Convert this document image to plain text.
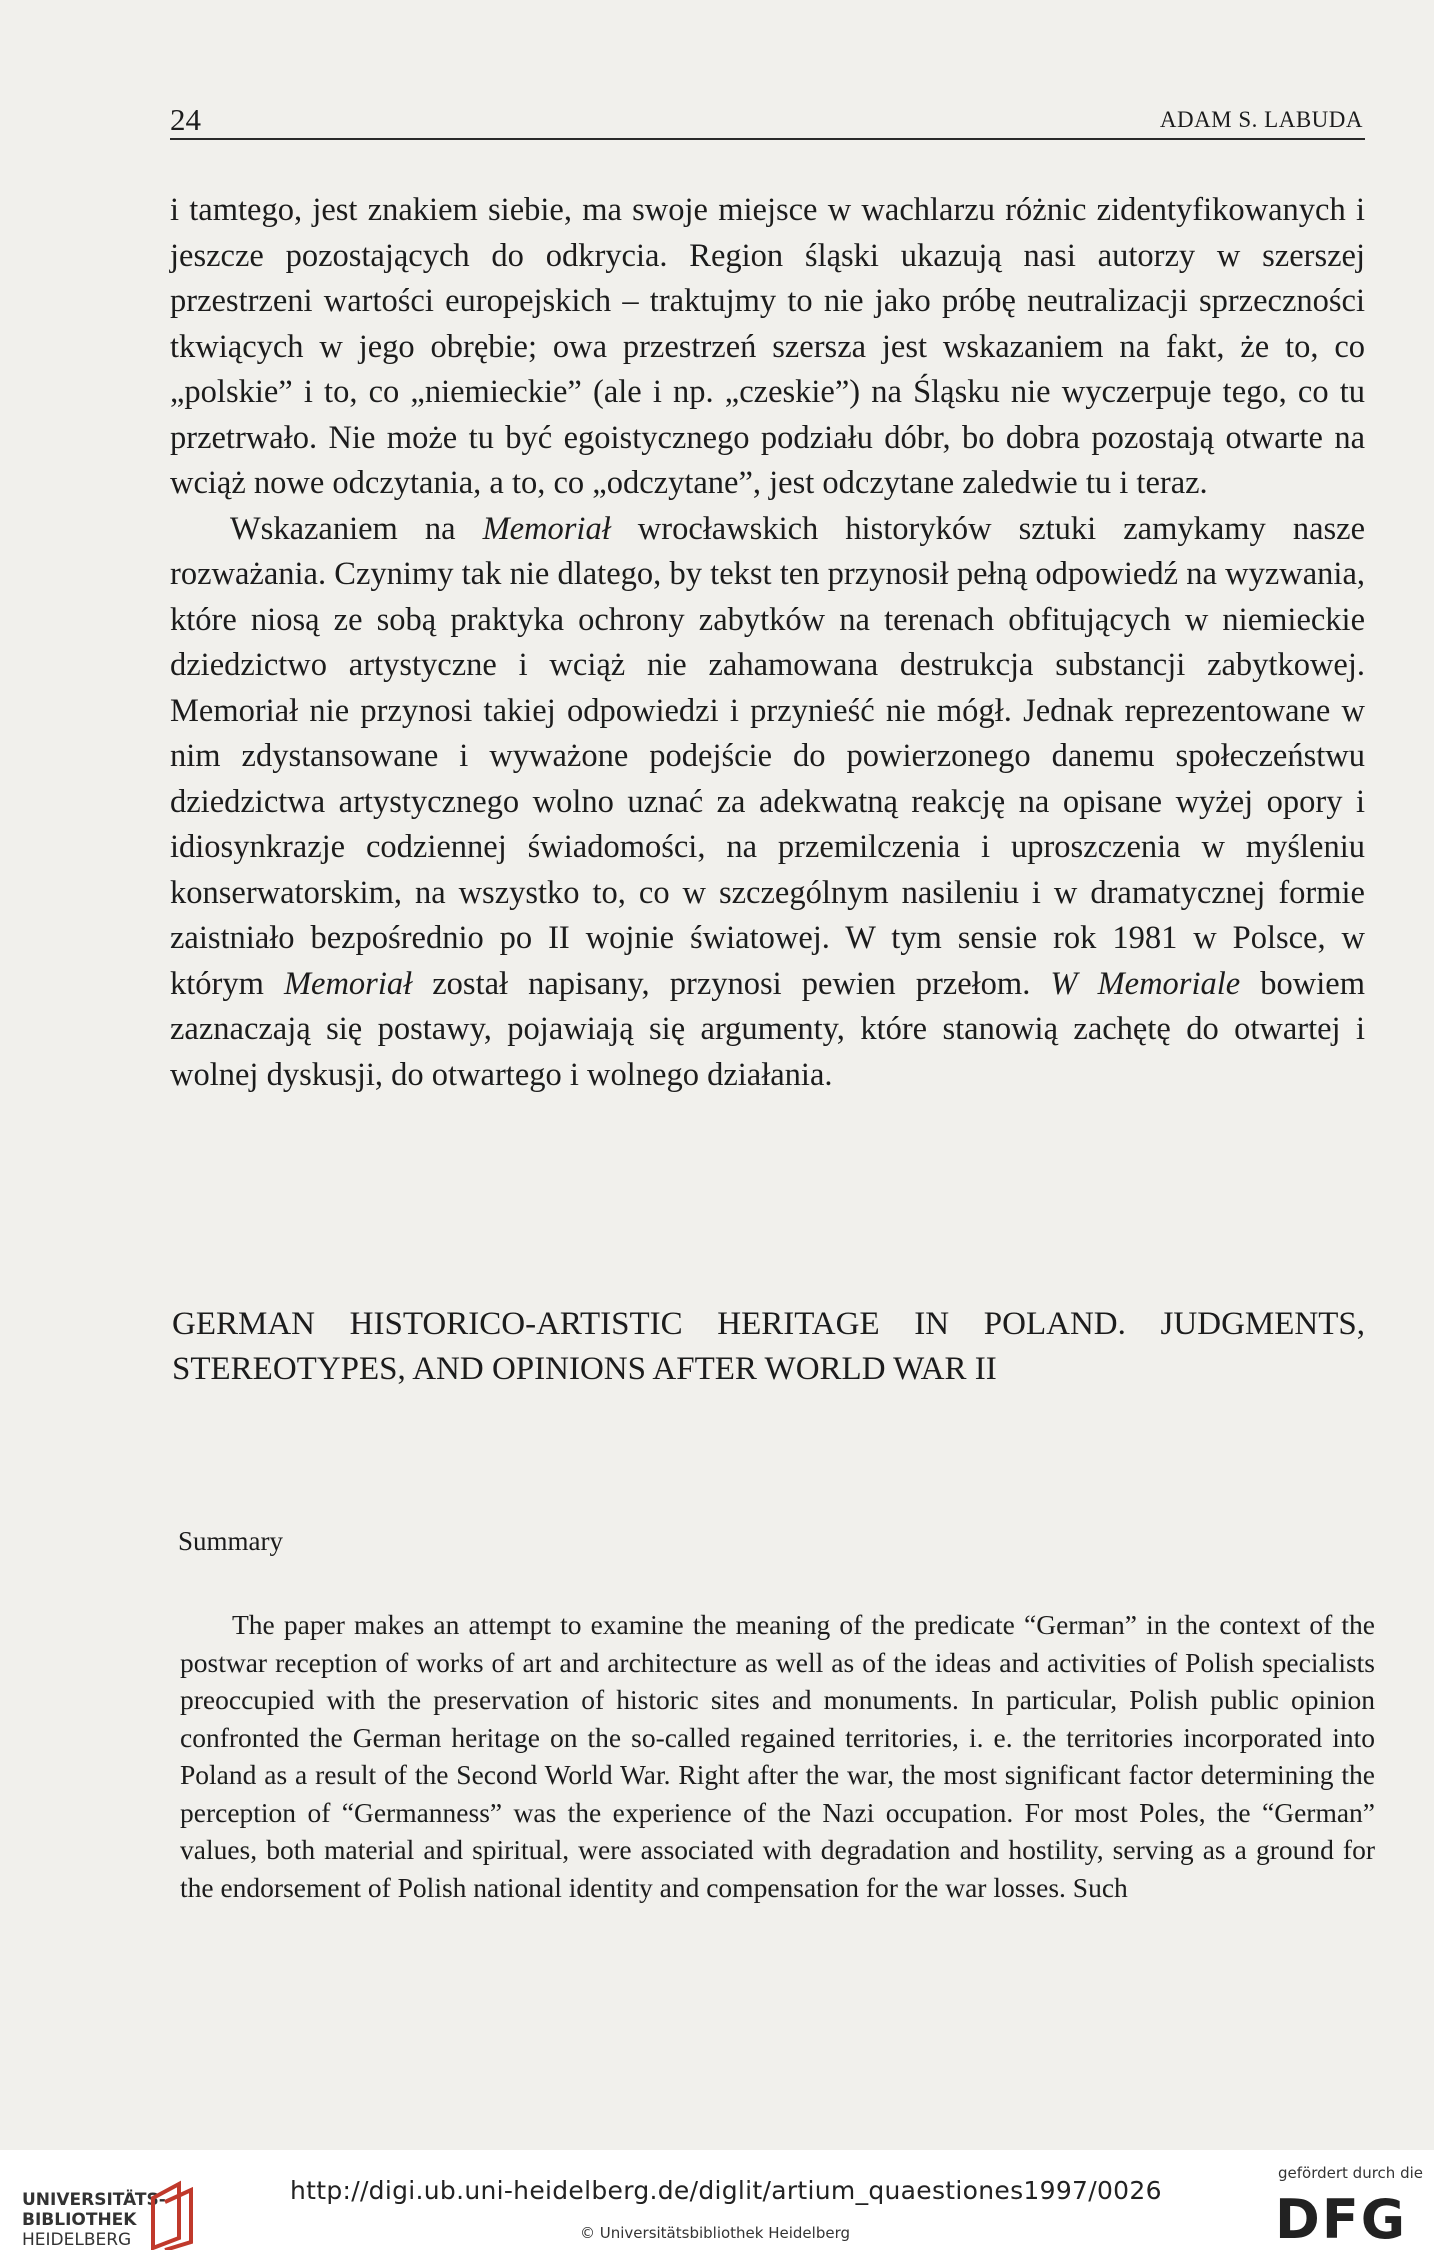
24	ADAM S. LABUDA

i tamtego, jest znakiem siebie, ma swoje miejsce w wachlarzu różnic zidentyfikowanych i jeszcze pozostających do odkrycia. Region śląski ukazują nasi autorzy w szerszej przestrzeni wartości europejskich – traktujmy to nie jako próbę neutralizacji sprzeczności tkwiących w jego obrębie; owa przestrzeń szersza jest wskazaniem na fakt, że to, co „polskie” i to, co „niemieckie” (ale i np. „czeskie”) na Śląsku nie wyczerpuje tego, co tu przetrwało. Nie może tu być egoistycznego podziału dóbr, bo dobra pozostają otwarte na wciąż nowe odczytania, a to, co „odczytane”, jest odczytane zaledwie tu i teraz.

Wskazaniem na Memoriał wrocławskich historyków sztuki zamykamy nasze rozważania. Czynimy tak nie dlatego, by tekst ten przynosił pełną odpowiedź na wyzwania, które niosą ze sobą praktyka ochrony zabytków na terenach obfitujących w niemieckie dziedzictwo artystyczne i wciąż nie zahamowana destrukcja substancji zabytkowej. Memoriał nie przynosi takiej odpowiedzi i przynieść nie mógł. Jednak reprezentowane w nim zdystansowane i wyważone podejście do powierzonego danemu społeczeństwu dziedzictwa artystycznego wolno uznać za adekwatną reakcję na opisane wyżej opory i idiosynkrazje codziennej świadomości, na przemilczenia i uproszczenia w myśleniu konserwatorskim, na wszystko to, co w szczególnym nasileniu i w dramatycznej formie zaistniało bezpośrednio po II wojnie światowej. W tym sensie rok 1981 w Polsce, w którym Memoriał został napisany, przynosi pewien przełom. W Memoriale bowiem zaznaczają się postawy, pojawiają się argumenty, które stanowią zachętę do otwartej i wolnej dyskusji, do otwartego i wolnego działania.

GERMAN HISTORICO-ARTISTIC HERITAGE IN POLAND. JUDGMENTS, STEREOTYPES, AND OPINIONS AFTER WORLD WAR II
Summary

The paper makes an attempt to examine the meaning of the predicate “German” in the context of the postwar reception of works of art and architecture as well as of the ideas and activities of Polish specialists preoccupied with the preservation of historic sites and monuments. In particular, Polish public opinion confronted the German heritage on the so-called regained territories, i. e. the territories incorporated into Poland as a result of the Second World War. Right after the war, the most significant factor determining the perception of “Germanness” was the experience of the Nazi occupation. For most Poles, the “German” values, both material and spiritual, were associated with degradation and hostility, serving as a ground for the endorsement of Polish national identity and compensation for the war losses. Such

UNIVERSITÄTS-
BIBLIOTHEK
HEIDELBERG
http://digi.ub.uni-heidelberg.de/diglit/artium_quaestiones1997/0026
© Universitätsbibliothek Heidelberg
gefördert durch die
DFG
